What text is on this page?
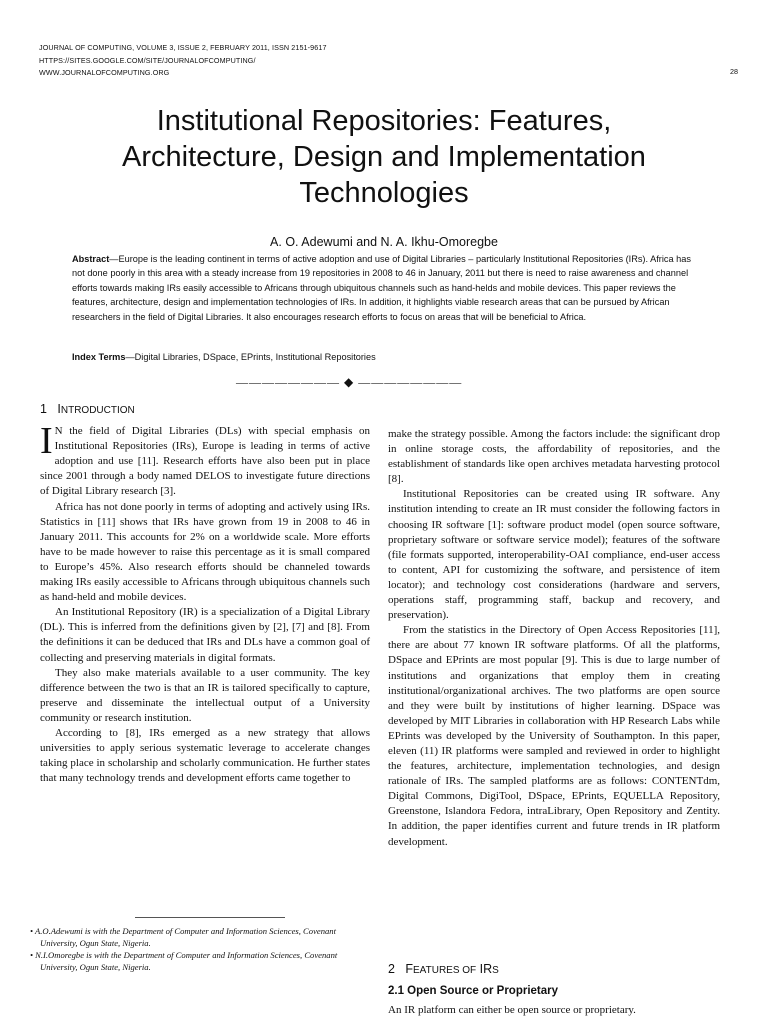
JOURNAL OF COMPUTING, VOLUME 3, ISSUE 2, FEBRUARY 2011, ISSN 2151-9617
HTTPS://SITES.GOOGLE.COM/SITE/JOURNALOFCOMPUTING/
WWW.JOURNALOFCOMPUTING.ORG	28
Institutional Repositories: Features,
Architecture, Design and Implementation
Technologies
A. O. Adewumi and N. A. Ikhu-Omoregbe
Abstract—Europe is the leading continent in terms of active adoption and use of Digital Libraries – particularly Institutional Repositories (IRs). Africa has not done poorly in this area with a steady increase from 19 repositories in 2008 to 46 in January, 2011 but there is need to raise awareness and channel efforts towards making IRs easily accessible to Africans through ubiquitous channels such as hand-helds and mobile devices. This paper reviews the features, architecture, design and implementation technologies of IRs. In addition, it highlights viable research areas that can be pursued by African researchers in the field of Digital Libraries. It also encourages research efforts to focus on areas that will be beneficial to Africa.
Index Terms—Digital Libraries, DSpace, EPrints, Institutional Repositories
———————— ◆ ————————
1 INTRODUCTION

I N the field of Digital Libraries (DLs) with special emphasis on Institutional Repositories (IRs), Europe is leading in terms of active adoption and use [11]. Research efforts have also been put in place since 2001 through a body named DELOS to investigate future directions of Digital Library research [3].

Africa has not done poorly in terms of adopting and actively using IRs. Statistics in [11] shows that IRs have grown from 19 in 2008 to 46 in January 2011. This accounts for 2% on a worldwide scale. More efforts have to be made however to raise this percentage as it is small compared to Europe’s 45%. Also research efforts should be channeled towards making IRs easily accessible to Africans through ubiquitous channels such as hand-held and mobile devices.

An Institutional Repository (IR) is a specialization of a Digital Library (DL). This is inferred from the definitions given by [2], [7] and [8]. From the definitions it can be deduced that IRs and DLs have a common goal of collecting and preserving materials in digital formats.

They also make materials available to a user community. The key difference between the two is that an IR is tailored specifically to capture, preserve and disseminate the intellectual output of a University community or research institution.

According to [8], IRs emerged as a new strategy that allows universities to apply serious systematic leverage to accelerate changes taking place in scholarship and scholarly communication. He further states that many technology trends and development efforts came together to

make the strategy possible. Among the factors include: the significant drop in online storage costs, the affordability of repositories, and the establishment of standards like open archives metadata harvesting protocol [8].

Institutional Repositories can be created using IR software. Any institution intending to create an IR must consider the following factors in choosing IR software [1]: software product model (open source software, proprietary software or software service model); features of the software (file formats supported, interoperability-OAI compliance, end-user access to content, API for customizing the software, and persistence of item locator); and technology cost considerations (hardware and servers, operations staff, programming staff, backup and recovery, and preservation).

From the statistics in the Directory of Open Access Repositories [11], there are about 77 known IR software platforms. Of all the platforms, DSpace and EPrints are most popular [9]. This is due to large number of institutions and organizations that employ them in creating institutional/organizational archives. The two platforms are open source and they were built by institutions of higher learning. DSpace was developed by MIT Libraries in collaboration with HP Research Labs while EPrints was developed by the University of Southampton. In this paper, eleven (11) IR platforms were sampled and reviewed in order to highlight the features, architecture, implementation technologies, and design rationale of IRs. The sampled platforms are as follows: CONTENTdm, Digital Commons, DigiTool, DSpace, EPrints, EQUELLA Repository, Greenstone, Islandora Fedora, intraLibrary, Open Repository and Zentity. In addition, the paper identifies current and future trends in IR platform development.

• A.O.Adewumi is with the Department of Computer and Information Sciences, Covenant University, Ogun State, Nigeria.
• N.I.Omoregbe is with the Department of Computer and Information Sciences, Covenant University, Ogun State, Nigeria.	2 FEATURES OF IRS
2.1 Open Source or Proprietary
An IR platform can either be open source or proprietary.
